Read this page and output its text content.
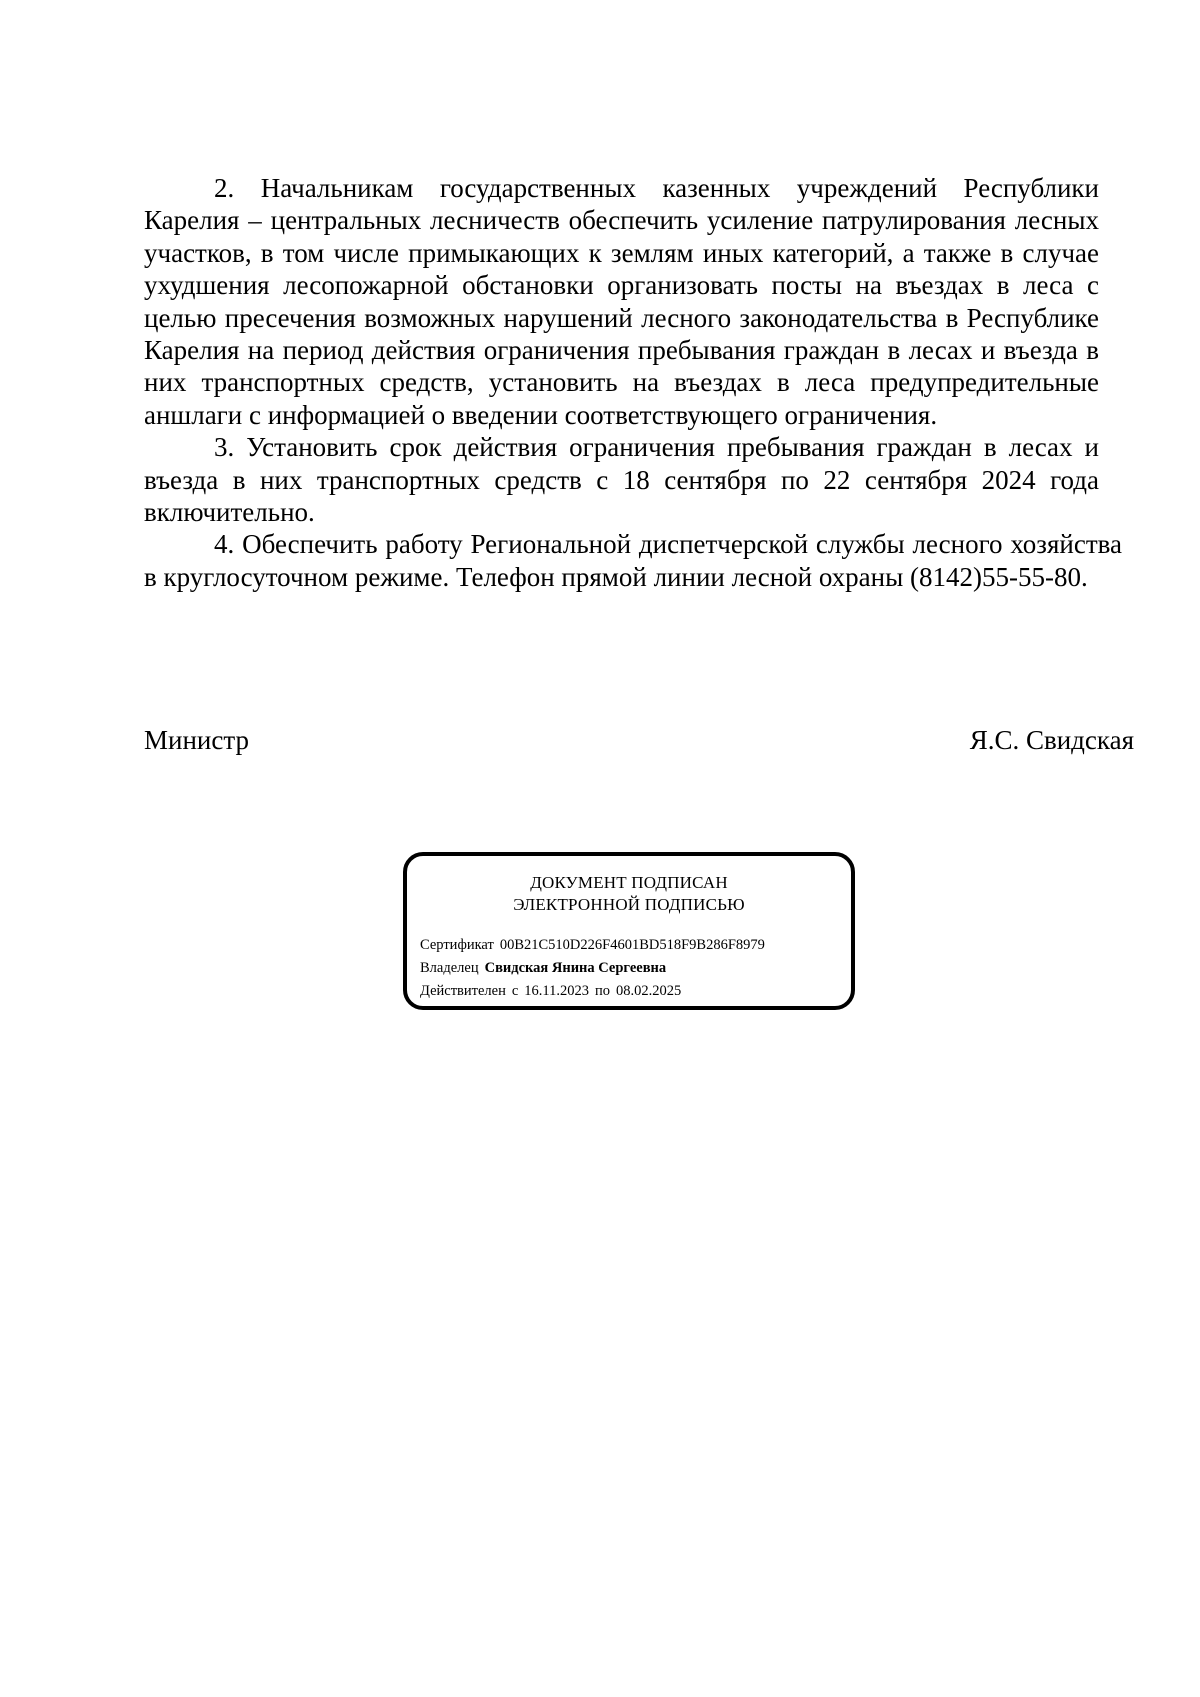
2. Начальникам государственных казенных учреждений Республики Карелия – центральных лесничеств обеспечить усиление патрулирования лесных участков, в том числе примыкающих к землям иных категорий, а также в случае ухудшения лесопожарной обстановки организовать посты на въездах в леса с целью пресечения возможных нарушений лесного законодательства в Республике Карелия на период действия ограничения пребывания граждан в лесах и въезда в них транспортных средств, установить на въездах в леса предупредительные аншлаги с информацией о введении соответствующего ограничения.

3. Установить срок действия ограничения пребывания граждан в лесах и въезда в них транспортных средств с 18 сентября по 22 сентября 2024 года включительно.

4. Обеспечить работу Региональной диспетчерской службы лесного хозяйства в круглосуточном режиме. Телефон прямой линии лесной охраны (8142)55-55-80.

Министр	Я.С. Свидская
ДОКУМЕНТ ПОДПИСАН
ЭЛЕКТРОННОЙ ПОДПИСЬЮ
Сертификат 00B21C510D226F4601BD518F9B286F8979
Владелец Свидская Янина Сергеевна
Действителен с 16.11.2023 по 08.02.2025
